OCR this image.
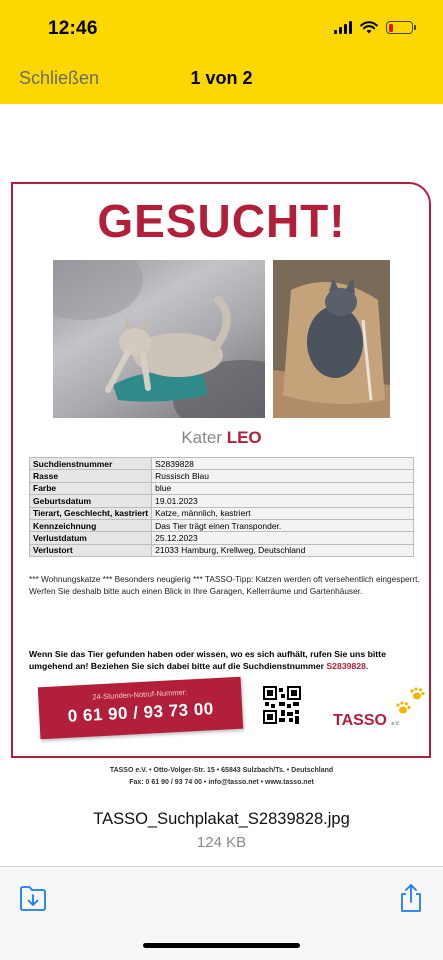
12:46
Schließen	1 von 2
GESUCHT!
Kater LEO
Suchdienstnummer	S2839828
Rasse	Russisch Blau
Farbe	blue
Geburtsdatum	19.01.2023
Tierart, Geschlecht, kastriert	Katze, männlich, kastriert
Kennzeichnung	Das Tier trägt einen Transponder.
Verlustdatum	25.12.2023
Verlustort	21033 Hamburg, Krellweg, Deutschland
*** Wohnungskatze *** Besonders neugierig *** TASSO-Tipp: Katzen werden oft versehentlich eingesperrt. Werfen Sie deshalb bitte auch einen Blick in Ihre Garagen, Kellerräume und Gartenhäuser.
Wenn Sie das Tier gefunden haben oder wissen, wo es sich aufhält, rufen Sie uns bitte umgehend an! Beziehen Sie sich dabei bitte auf die Suchdienstnummer S2839828.
24-Stunden-Notruf-Nummer:
0 61 90 / 93 73 00	TASSO e.V.
TASSO e.V. • Otto-Volger-Str. 15 • 65843 Sulzbach/Ts. • Deutschland
Fax: 0 61 90 / 93 74 00 • info@tasso.net • www.tasso.net
TASSO_Suchplakat_S2839828.jpg
124 KB
